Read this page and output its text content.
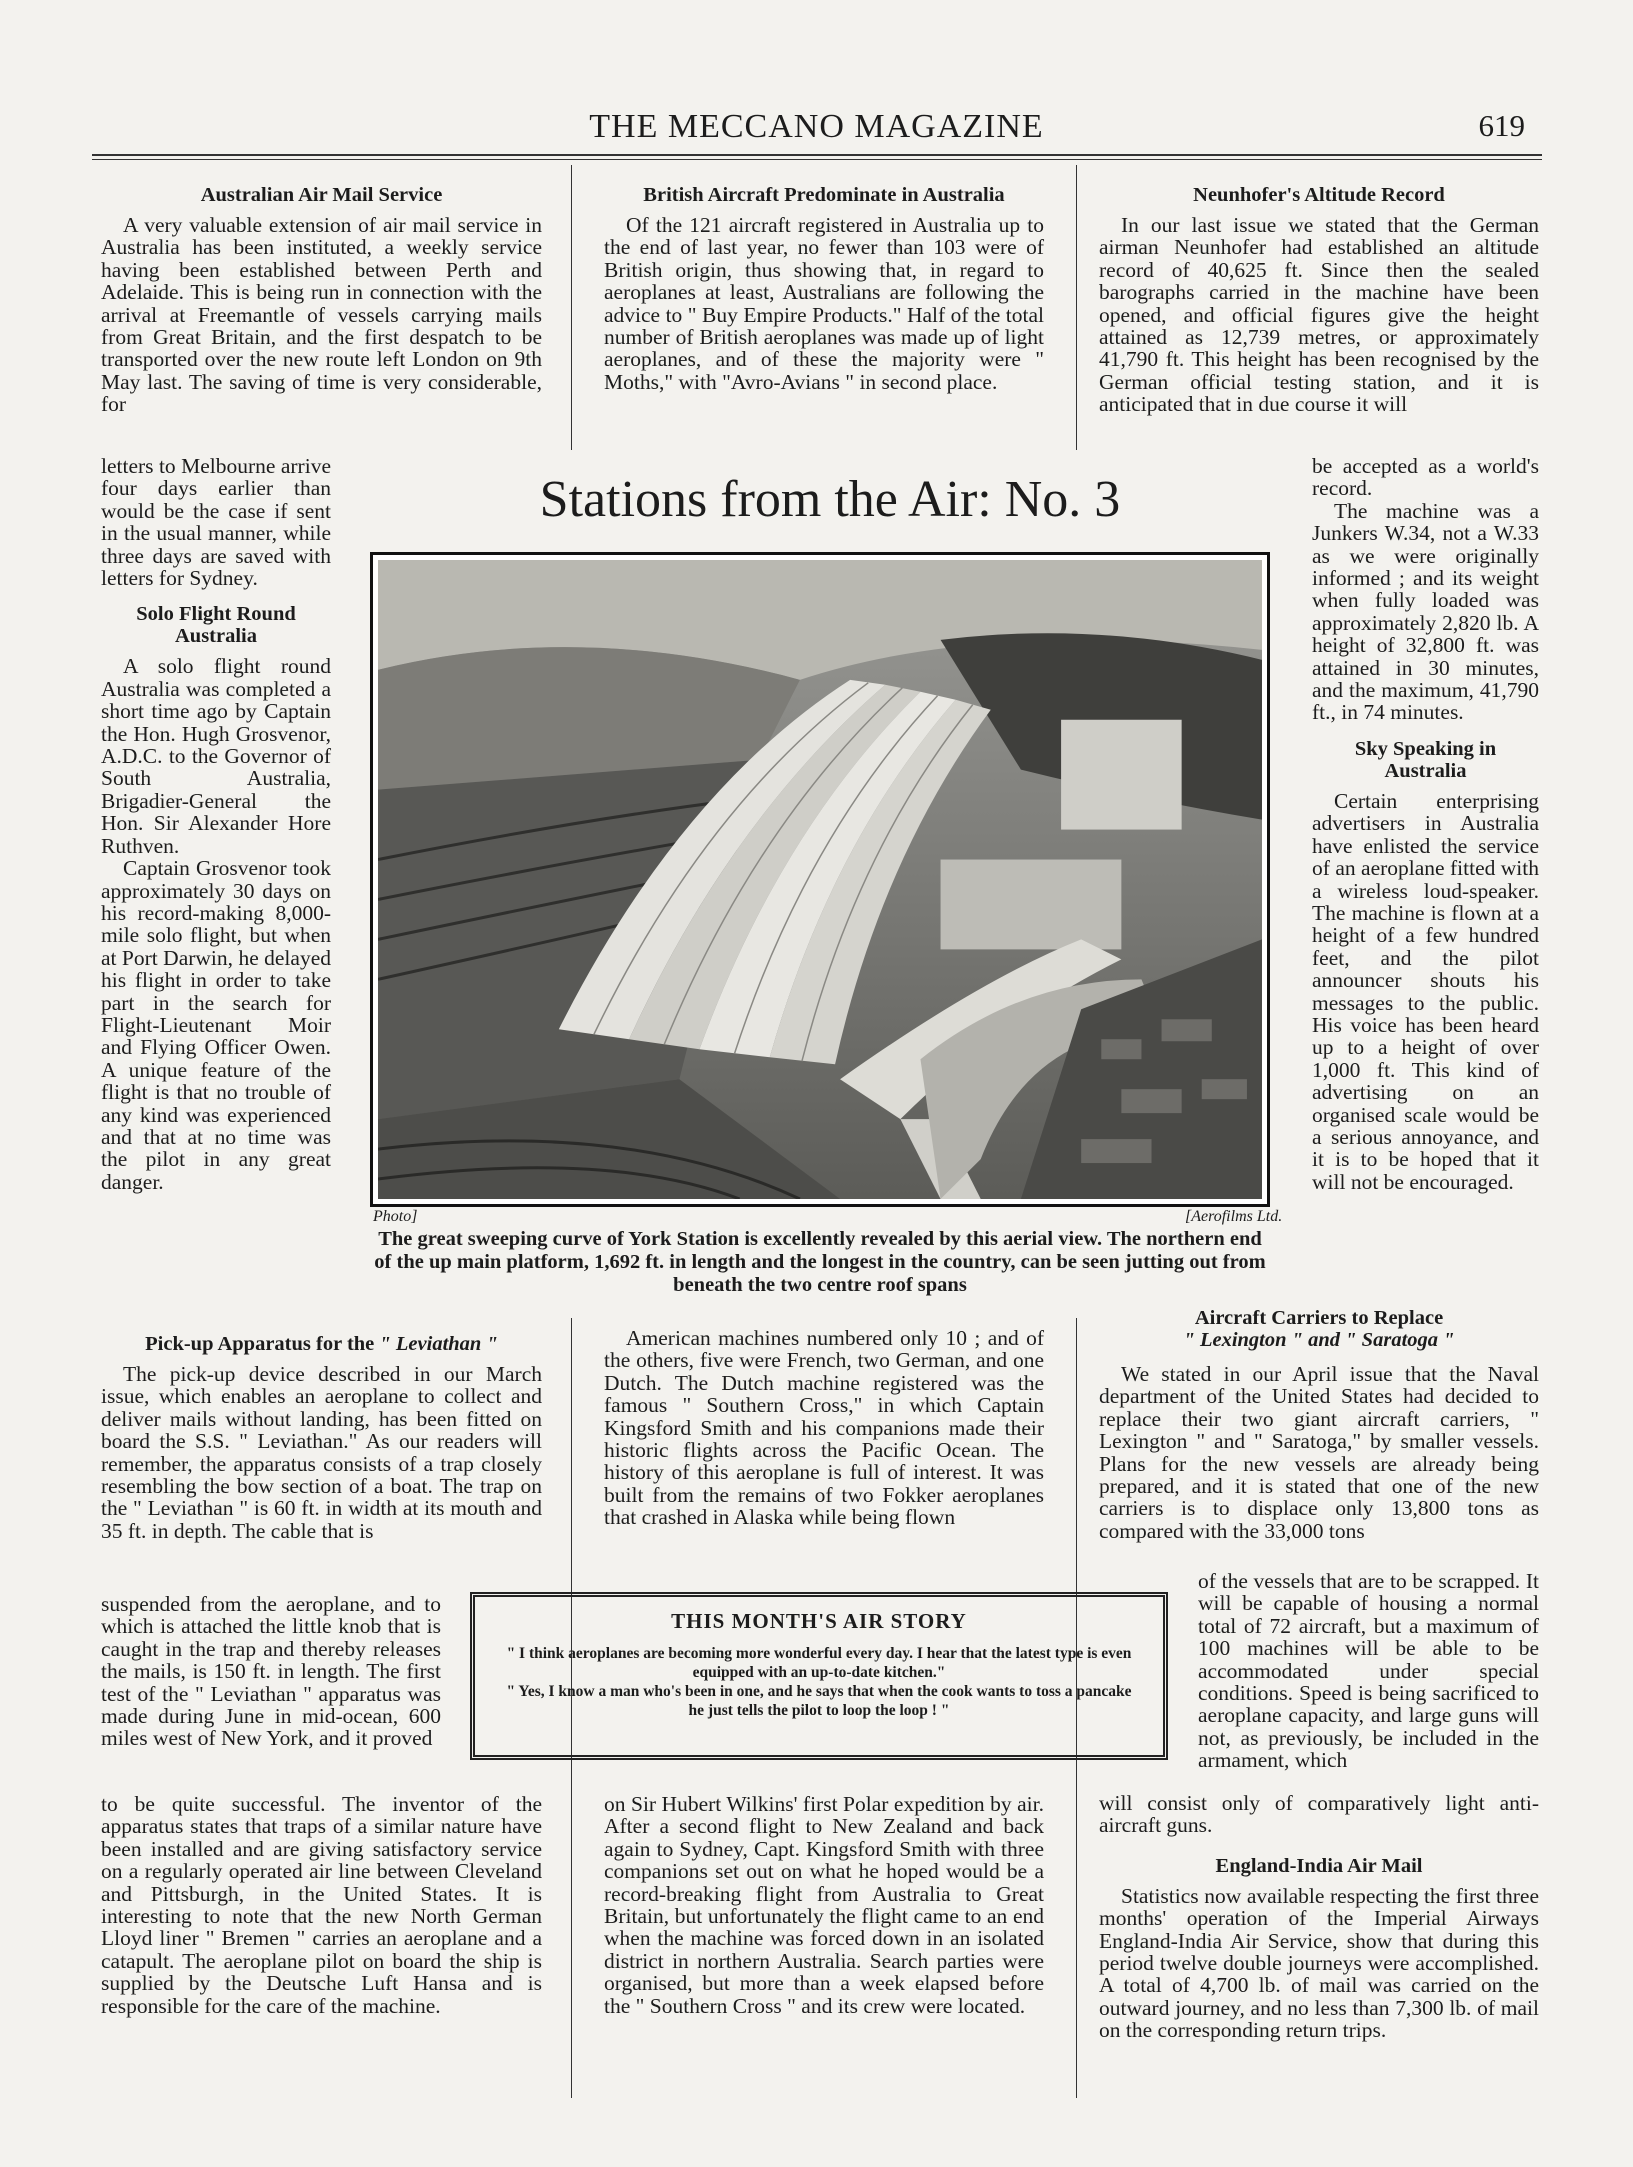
THE MECCANO MAGAZINE	619
Australian Air Mail Service

A very valuable extension of air mail service in Australia has been instituted, a weekly service having been established between Perth and Adelaide. This is being run in connection with the arrival at Freemantle of vessels carrying mails from Great Britain, and the first despatch to be transported over the new route left London on 9th May last. The saving of time is very considerable, for

letters to Melbourne arrive four days earlier than would be the case if sent in the usual manner, while three days are saved with letters for Sydney.

Solo Flight Round Australia

A solo flight round Australia was completed a short time ago by Captain the Hon. Hugh Grosvenor, A.D.C. to the Governor of South Australia, Brigadier-General the Hon. Sir Alexander Hore Ruthven.

Captain Grosvenor took approximately 30 days on his record-making 8,000-mile solo flight, but when at Port Darwin, he delayed his flight in order to take part in the search for Flight-Lieutenant Moir and Flying Officer Owen. A unique feature of the flight is that no trouble of any kind was experienced and that at no time was the pilot in any great danger.

British Aircraft Predominate in Australia

Of the 121 aircraft registered in Australia up to the end of last year, no fewer than 103 were of British origin, thus showing that, in regard to aeroplanes at least, Australians are following the advice to " Buy Empire Products." Half of the total number of British aeroplanes was made up of light aeroplanes, and of these the majority were " Moths," with "Avro-Avians " in second place.

Neunhofer's Altitude Record

In our last issue we stated that the German airman Neunhofer had established an altitude record of 40,625 ft. Since then the sealed barographs carried in the machine have been opened, and official figures give the height attained as 12,739 metres, or approximately 41,790 ft. This height has been recognised by the German official testing station, and it is anticipated that in due course it will

be accepted as a world's record.

The machine was a Junkers W.34, not a W.33 as we were originally informed ; and its weight when fully loaded was approximately 2,820 lb. A height of 32,800 ft. was attained in 30 minutes, and the maximum, 41,790 ft., in 74 minutes.

Sky Speaking in Australia

Certain enterprising advertisers in Australia have enlisted the service of an aeroplane fitted with a wireless loud-speaker. The machine is flown at a height of a few hundred feet, and the pilot announcer shouts his messages to the public. His voice has been heard up to a height of over 1,000 ft. This kind of advertising on an organised scale would be a serious annoyance, and it is to be hoped that it will not be encouraged.

Stations from the Air: No. 3
Photo]	[Aerofilms Ltd.
The great sweeping curve of York Station is excellently revealed by this aerial view. The northern end of the up main platform, 1,692 ft. in length and the longest in the country, can be seen jutting out from beneath the two centre roof spans
Pick-up Apparatus for the " Leviathan "

The pick-up device described in our March issue, which enables an aeroplane to collect and deliver mails without landing, has been fitted on board the S.S. " Leviathan." As our readers will remember, the apparatus consists of a trap closely resembling the bow section of a boat. The trap on the " Leviathan " is 60 ft. in width at its mouth and 35 ft. in depth. The cable that is

suspended from the aeroplane, and to which is attached the little knob that is caught in the trap and thereby releases the mails, is 150 ft. in length. The first test of the " Leviathan " apparatus was made during June in mid-ocean, 600 miles west of New York, and it proved

to be quite successful. The inventor of the apparatus states that traps of a similar nature have been installed and are giving satisfactory service on a regularly operated air line between Cleveland and Pittsburgh, in the United States. It is interesting to note that the new North German Lloyd liner " Bremen " carries an aeroplane and a catapult. The aeroplane pilot on board the ship is supplied by the Deutsche Luft Hansa and is responsible for the care of the machine.

American machines numbered only 10 ; and of the others, five were French, two German, and one Dutch. The Dutch machine registered was the famous " Southern Cross," in which Captain Kingsford Smith and his companions made their historic flights across the Pacific Ocean. The history of this aeroplane is full of interest. It was built from the remains of two Fokker aeroplanes that crashed in Alaska while being flown

on Sir Hubert Wilkins' first Polar expedition by air. After a second flight to New Zealand and back again to Sydney, Capt. Kingsford Smith with three companions set out on what he hoped would be a record-breaking flight from Australia to Great Britain, but unfortunately the flight came to an end when the machine was forced down in an isolated district in northern Australia. Search parties were organised, but more than a week elapsed before the " Southern Cross " and its crew were located.

Aircraft Carriers to Replace
" Lexington " and " Saratoga "

We stated in our April issue that the Naval department of the United States had decided to replace their two giant aircraft carriers, " Lexington " and " Saratoga," by smaller vessels. Plans for the new vessels are already being prepared, and it is stated that one of the new carriers is to displace only 13,800 tons as compared with the 33,000 tons

of the vessels that are to be scrapped. It will be capable of housing a normal total of 72 aircraft, but a maximum of 100 machines will be able to be accommodated under special conditions. Speed is being sacrificed to aeroplane capacity, and large guns will not, as previously, be included in the armament, which

will consist only of comparatively light anti-aircraft guns.

England-India Air Mail

Statistics now available respecting the first three months' operation of the Imperial Airways England-India Air Service, show that during this period twelve double journeys were accomplished. A total of 4,700 lb. of mail was carried on the outward journey, and no less than 7,300 lb. of mail on the corresponding return trips.

THIS MONTH'S AIR STORY

" I think aeroplanes are becoming more wonderful every day. I hear that the latest type is even equipped with an up-to-date kitchen."

" Yes, I know a man who's been in one, and he says that when the cook wants to toss a pancake he just tells the pilot to loop the loop ! "
